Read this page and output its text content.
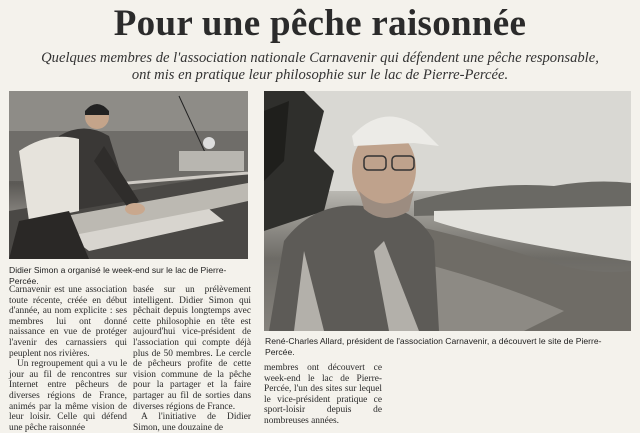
Pour une pêche raisonnée
Quelques membres de l'association nationale Carnavenir qui défendent une pêche responsable,
ont mis en pratique leur philosophie sur le lac de Pierre-Percée.
Didier Simon a organisé le week-end sur le lac de Pierre-Percée.
René-Charles Allard, président de l'association Carnavenir, a découvert le site de Pierre-Percée.

Carnavenir est une association toute récente, créée en début d'année, au nom explicite : ses membres lui ont donné naissance en vue de protéger l'avenir des carnassiers qui peuplent nos rivières.

Un regroupement qui a vu le jour au fil de rencontres sur Internet entre pêcheurs de diverses régions de France, animés par la même vision de leur loisir. Celle qui défend une pêche raisonnée

basée sur un prélèvement intelligent. Didier Simon qui pêchait depuis longtemps avec cette philosophie en tête est aujourd'hui vice-président de l'association qui compte déjà plus de 50 membres. Le cercle de pêcheurs profite de cette vision commune de la pêche pour la partager et la faire partager au fil de sorties dans diverses régions de France.

A l'initiative de Didier Simon, une douzaine de

membres ont découvert ce week-end le lac de Pierre-Percée, l'un des sites sur lequel le vice-président pratique ce sport-loisir depuis de nombreuses années.
